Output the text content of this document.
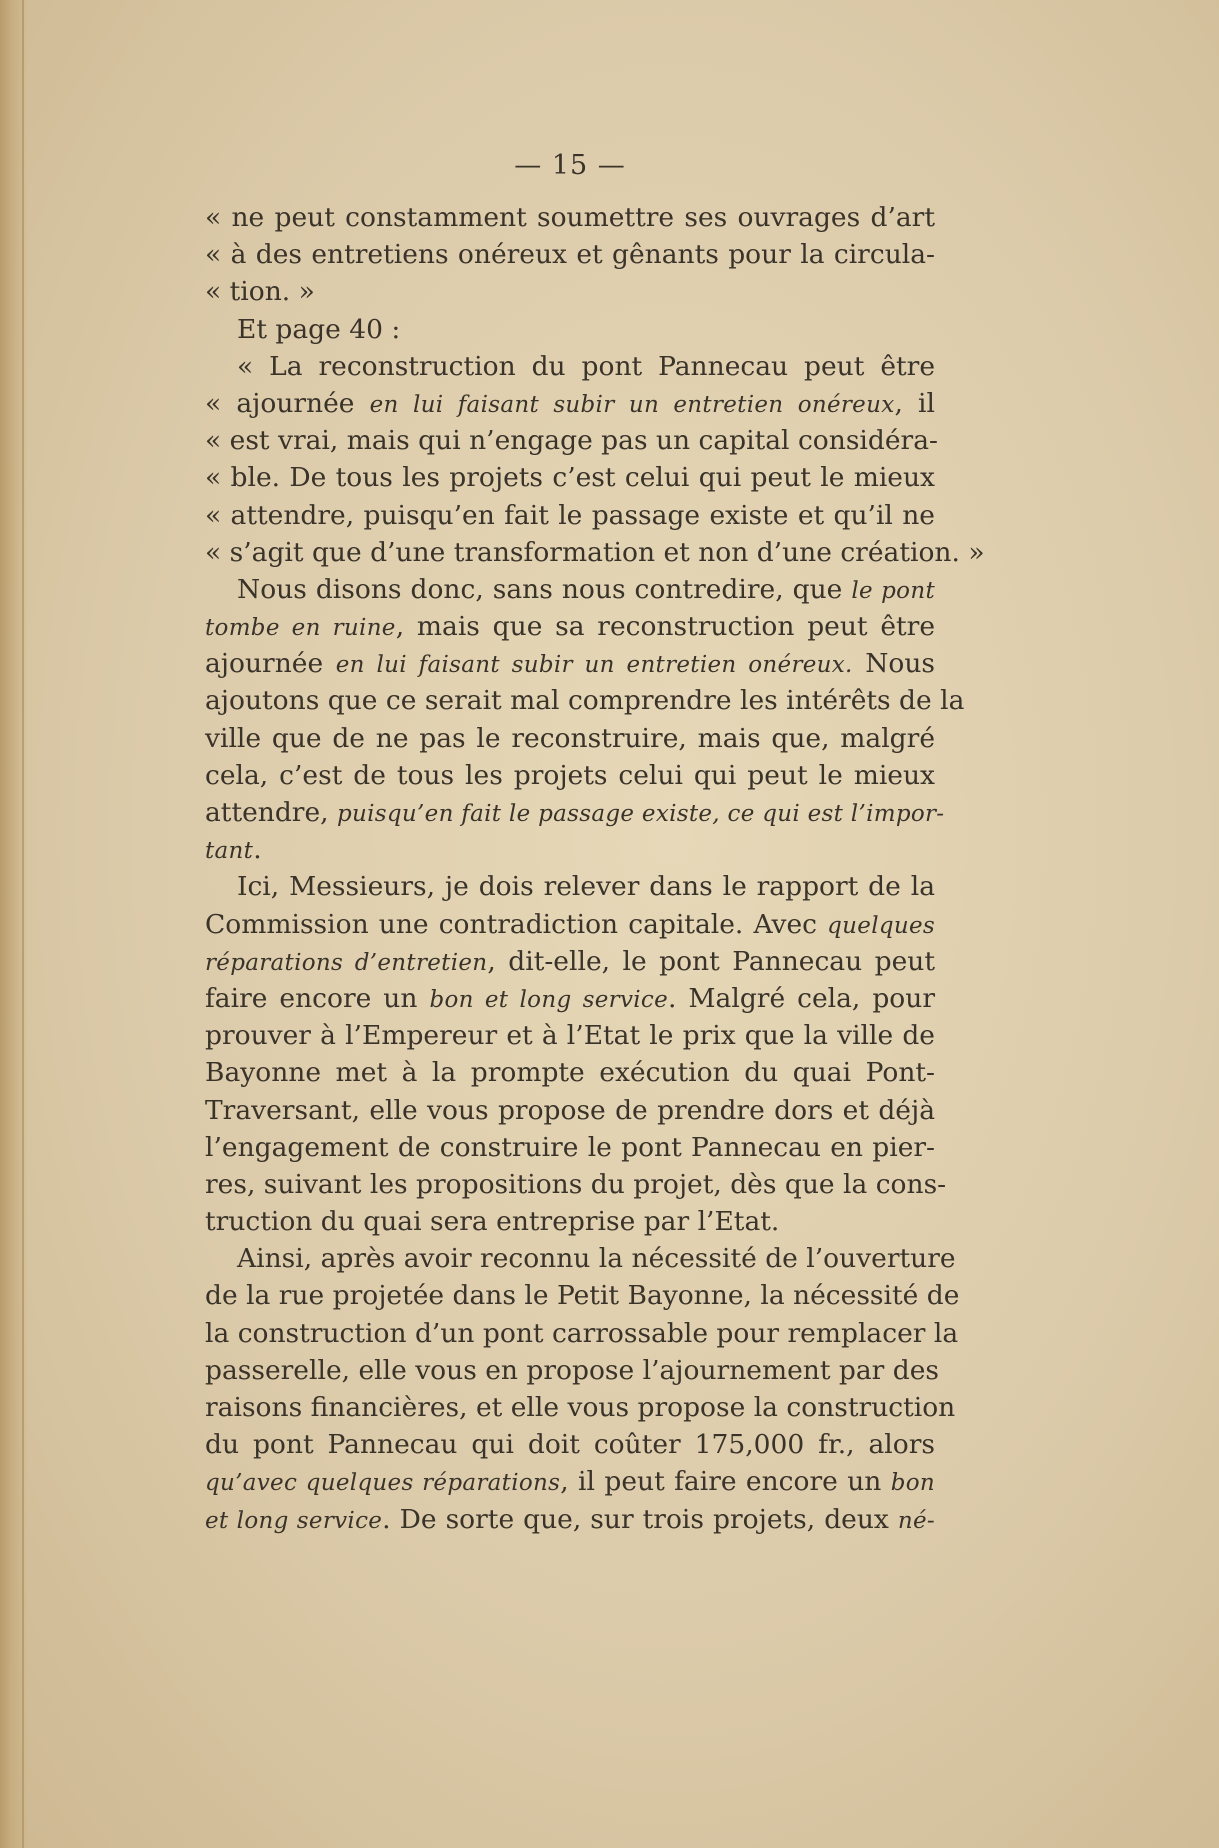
— 15 —
« ne peut constamment soumettre ses ouvrages d’art
« à des entretiens onéreux et gênants pour la circula-
« tion. »
Et page 40 :
« La reconstruction du pont Pannecau peut être
« ajournée en lui faisant subir un entretien onéreux, il
« est vrai, mais qui n’engage pas un capital considéra-
« ble. De tous les projets c’est celui qui peut le mieux
« attendre, puisqu’en fait le passage existe et qu’il ne
« s’agit que d’une transformation et non d’une création. »
Nous disons donc, sans nous contredire, que le pont
tombe en ruine, mais que sa reconstruction peut être
ajournée en lui faisant subir un entretien onéreux. Nous
ajoutons que ce serait mal comprendre les intérêts de la
ville que de ne pas le reconstruire, mais que, malgré
cela, c’est de tous les projets celui qui peut le mieux
attendre, puisqu’en fait le passage existe, ce qui est l’impor-
tant.
Ici, Messieurs, je dois relever dans le rapport de la
Commission une contradiction capitale. Avec quelques
réparations d’entretien, dit-elle, le pont Pannecau peut
faire encore un bon et long service. Malgré cela, pour
prouver à l’Empereur et à l’Etat le prix que la ville de
Bayonne met à la prompte exécution du quai Pont-
Traversant, elle vous propose de prendre dors et déjà
l’engagement de construire le pont Pannecau en pier-
res, suivant les propositions du projet, dès que la cons-
truction du quai sera entreprise par l’Etat.
Ainsi, après avoir reconnu la nécessité de l’ouverture
de la rue projetée dans le Petit Bayonne, la nécessité de
la construction d’un pont carrossable pour remplacer la
passerelle, elle vous en propose l’ajournement par des
raisons financières, et elle vous propose la construction
du pont Pannecau qui doit coûter 175,000 fr., alors
qu’avec quelques réparations, il peut faire encore un bon
et long service. De sorte que, sur trois projets, deux né-
